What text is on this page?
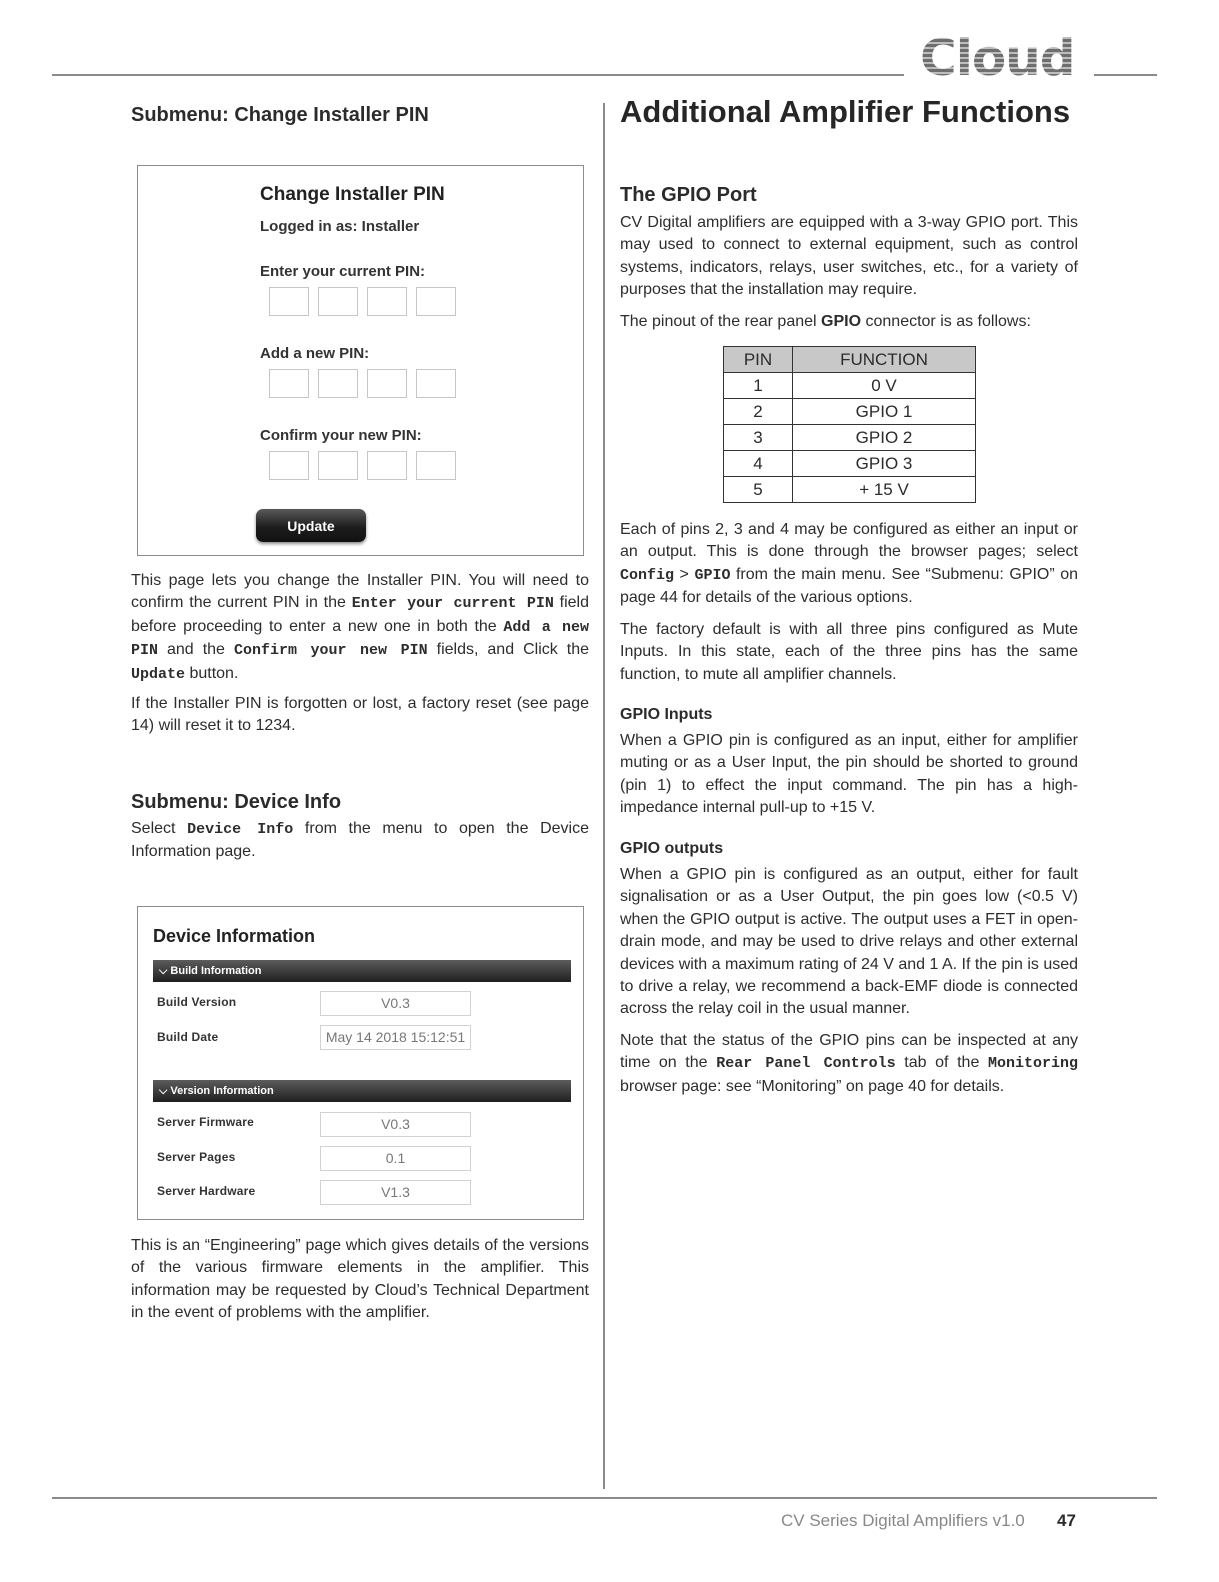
Cloud
Submenu: Change Installer PIN
Change Installer PIN
Logged in as: Installer
Enter your current PIN:
Add a new PIN:
Confirm your new PIN:
Update

This page lets you change the Installer PIN. You will need to confirm the current PIN in the Enter your current PIN field before proceeding to enter a new one in both the Add a new PIN and the Confirm your new PIN fields, and Click the Update button.

If the Installer PIN is forgotten or lost, a factory reset (see page 14) will reset it to 1234.

Submenu: Device Info

Select Device Info from the menu to open the Device Information page.

Device Information
⌵ Build Information
Build Version	V0.3
Build Date	May 14 2018 15:12:51
⌵ Version Information
Server Firmware	V0.3
Server Pages	0.1
Server Hardware	V1.3

This is an “Engineering” page which gives details of the versions of the various firmware elements in the amplifier. This information may be requested by Cloud’s Technical Department in the event of problems with the amplifier.

Additional Amplifier Functions
The GPIO Port

CV Digital amplifiers are equipped with a 3-way GPIO port. This may used to connect to external equipment, such as control systems, indicators, relays, user switches, etc., for a variety of purposes that the installation may require.

The pinout of the rear panel GPIO connector is as follows:

PIN	FUNCTION
1	0 V
2	GPIO 1
3	GPIO 2
4	GPIO 3
5	+ 15 V

Each of pins 2, 3 and 4 may be configured as either an input or an output. This is done through the browser pages; select Config > GPIO from the main menu. See “Submenu: GPIO” on page 44 for details of the various options.

The factory default is with all three pins configured as Mute Inputs. In this state, each of the three pins has the same function, to mute all amplifier channels.

GPIO Inputs

When a GPIO pin is configured as an input, either for amplifier muting or as a User Input, the pin should be shorted to ground (pin 1) to effect the input command. The pin has a high-impedance internal pull-up to +15 V.

GPIO outputs

When a GPIO pin is configured as an output, either for fault signalisation or as a User Output, the pin goes low (<0.5 V) when the GPIO output is active. The output uses a FET in open-drain mode, and may be used to drive relays and other external devices with a maximum rating of 24 V and 1 A. If the pin is used to drive a relay, we recommend a back-EMF diode is connected across the relay coil in the usual manner.

Note that the status of the GPIO pins can be inspected at any time on the Rear Panel Controls tab of the Monitoring browser page: see “Monitoring” on page 40 for details.

CV Series Digital Amplifiers v1.0 47
